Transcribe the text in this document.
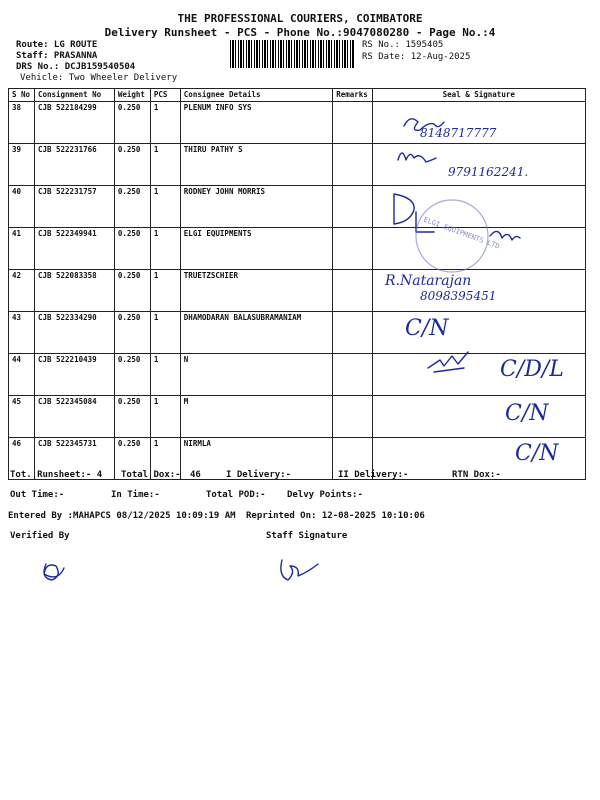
THE PROFESSIONAL COURIERS, COIMBATORE
Delivery Runsheet - PCS - Phone No.:9047080280 - Page No.:4
Route: LG ROUTE
Staff: PRASANNA
DRS No.: DCJB159540504
Vehicle: Two Wheeler Delivery
RS No.: 1595405
RS Date: 12-Aug-2025
S No	Consignment No	Weight	PCS	Consignee Details	Remarks	Seal & Signature
38	CJB 522184299	0.250	1	PLENUM INFO SYS		
39	CJB 522231766	0.250	1	THIRU PATHY S		
40	CJB 522231757	0.250	1	RODNEY JOHN MORRIS		
41	CJB 522349941	0.250	1	ELGI EQUIPMENTS		
42	CJB 522083358	0.250	1	TRUETZSCHIER		
43	CJB 522334290	0.250	1	DHAMODARAN BALASUBRAMANIAM		
44	CJB 522210439	0.250	1	N		
45	CJB 522345084	0.250	1	M		
46	CJB 522345731	0.250	1	NIRMLA		
8148717777
9791162241.
ELGI EQUIPMENTS LTD
R.Natarajan
8098395451
C/N
C/D/L
C/N
C/N
Tot. Runsheet:- 4 Total Dox:- 46	I Delivery:-	II Delivery:-	RTN Dox:-
Out Time:-	In Time:-	Total POD:- Delvy Points:-
Entered By :MAHAPCS 08/12/2025 10:09:19 AM Reprinted On: 12-08-2025 10:10:06
Verified By	Staff Signature
